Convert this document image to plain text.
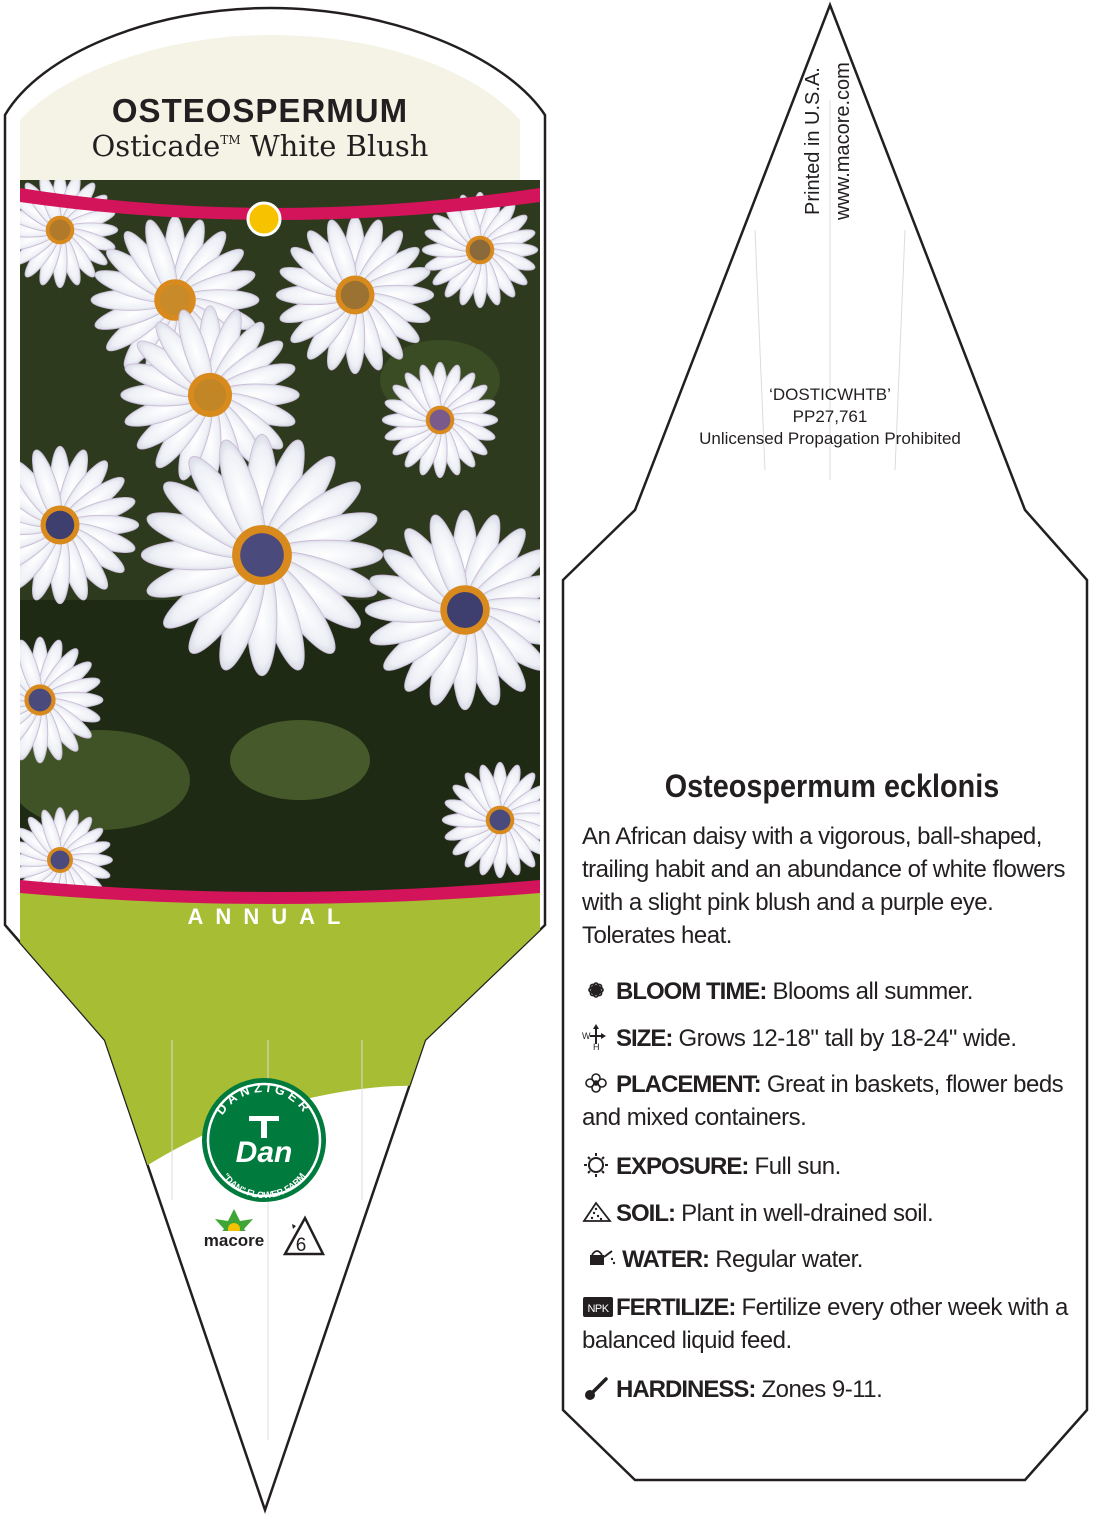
DANZIGER
"DAN" FLOWER FARM
Dan
macore 6
OSTEOSPERMUM
Osticade™ White Blush
ANNUAL
Printed in U.S.A. www.macore.com
‘DOSTICWHTB’
PP27,761
Unlicensed Propagation Prohibited
Osteospermum ecklonis
An African daisy with a vigorous, ball-shaped, trailing habit and an abundance of white flowers with a slight pink blush and a purple eye. Tolerates heat.
BLOOM TIME: Blooms all summer.
W
H SIZE: Grows 12-18" tall by 18-24" wide.
PLACEMENT: Great in baskets, flower beds and mixed containers.
EXPOSURE: Full sun.
SOIL: Plant in well-drained soil.
WATER: Regular water.
NPK FERTILIZE: Fertilize every other week with a balanced liquid feed.
HARDINESS: Zones 9-11.
